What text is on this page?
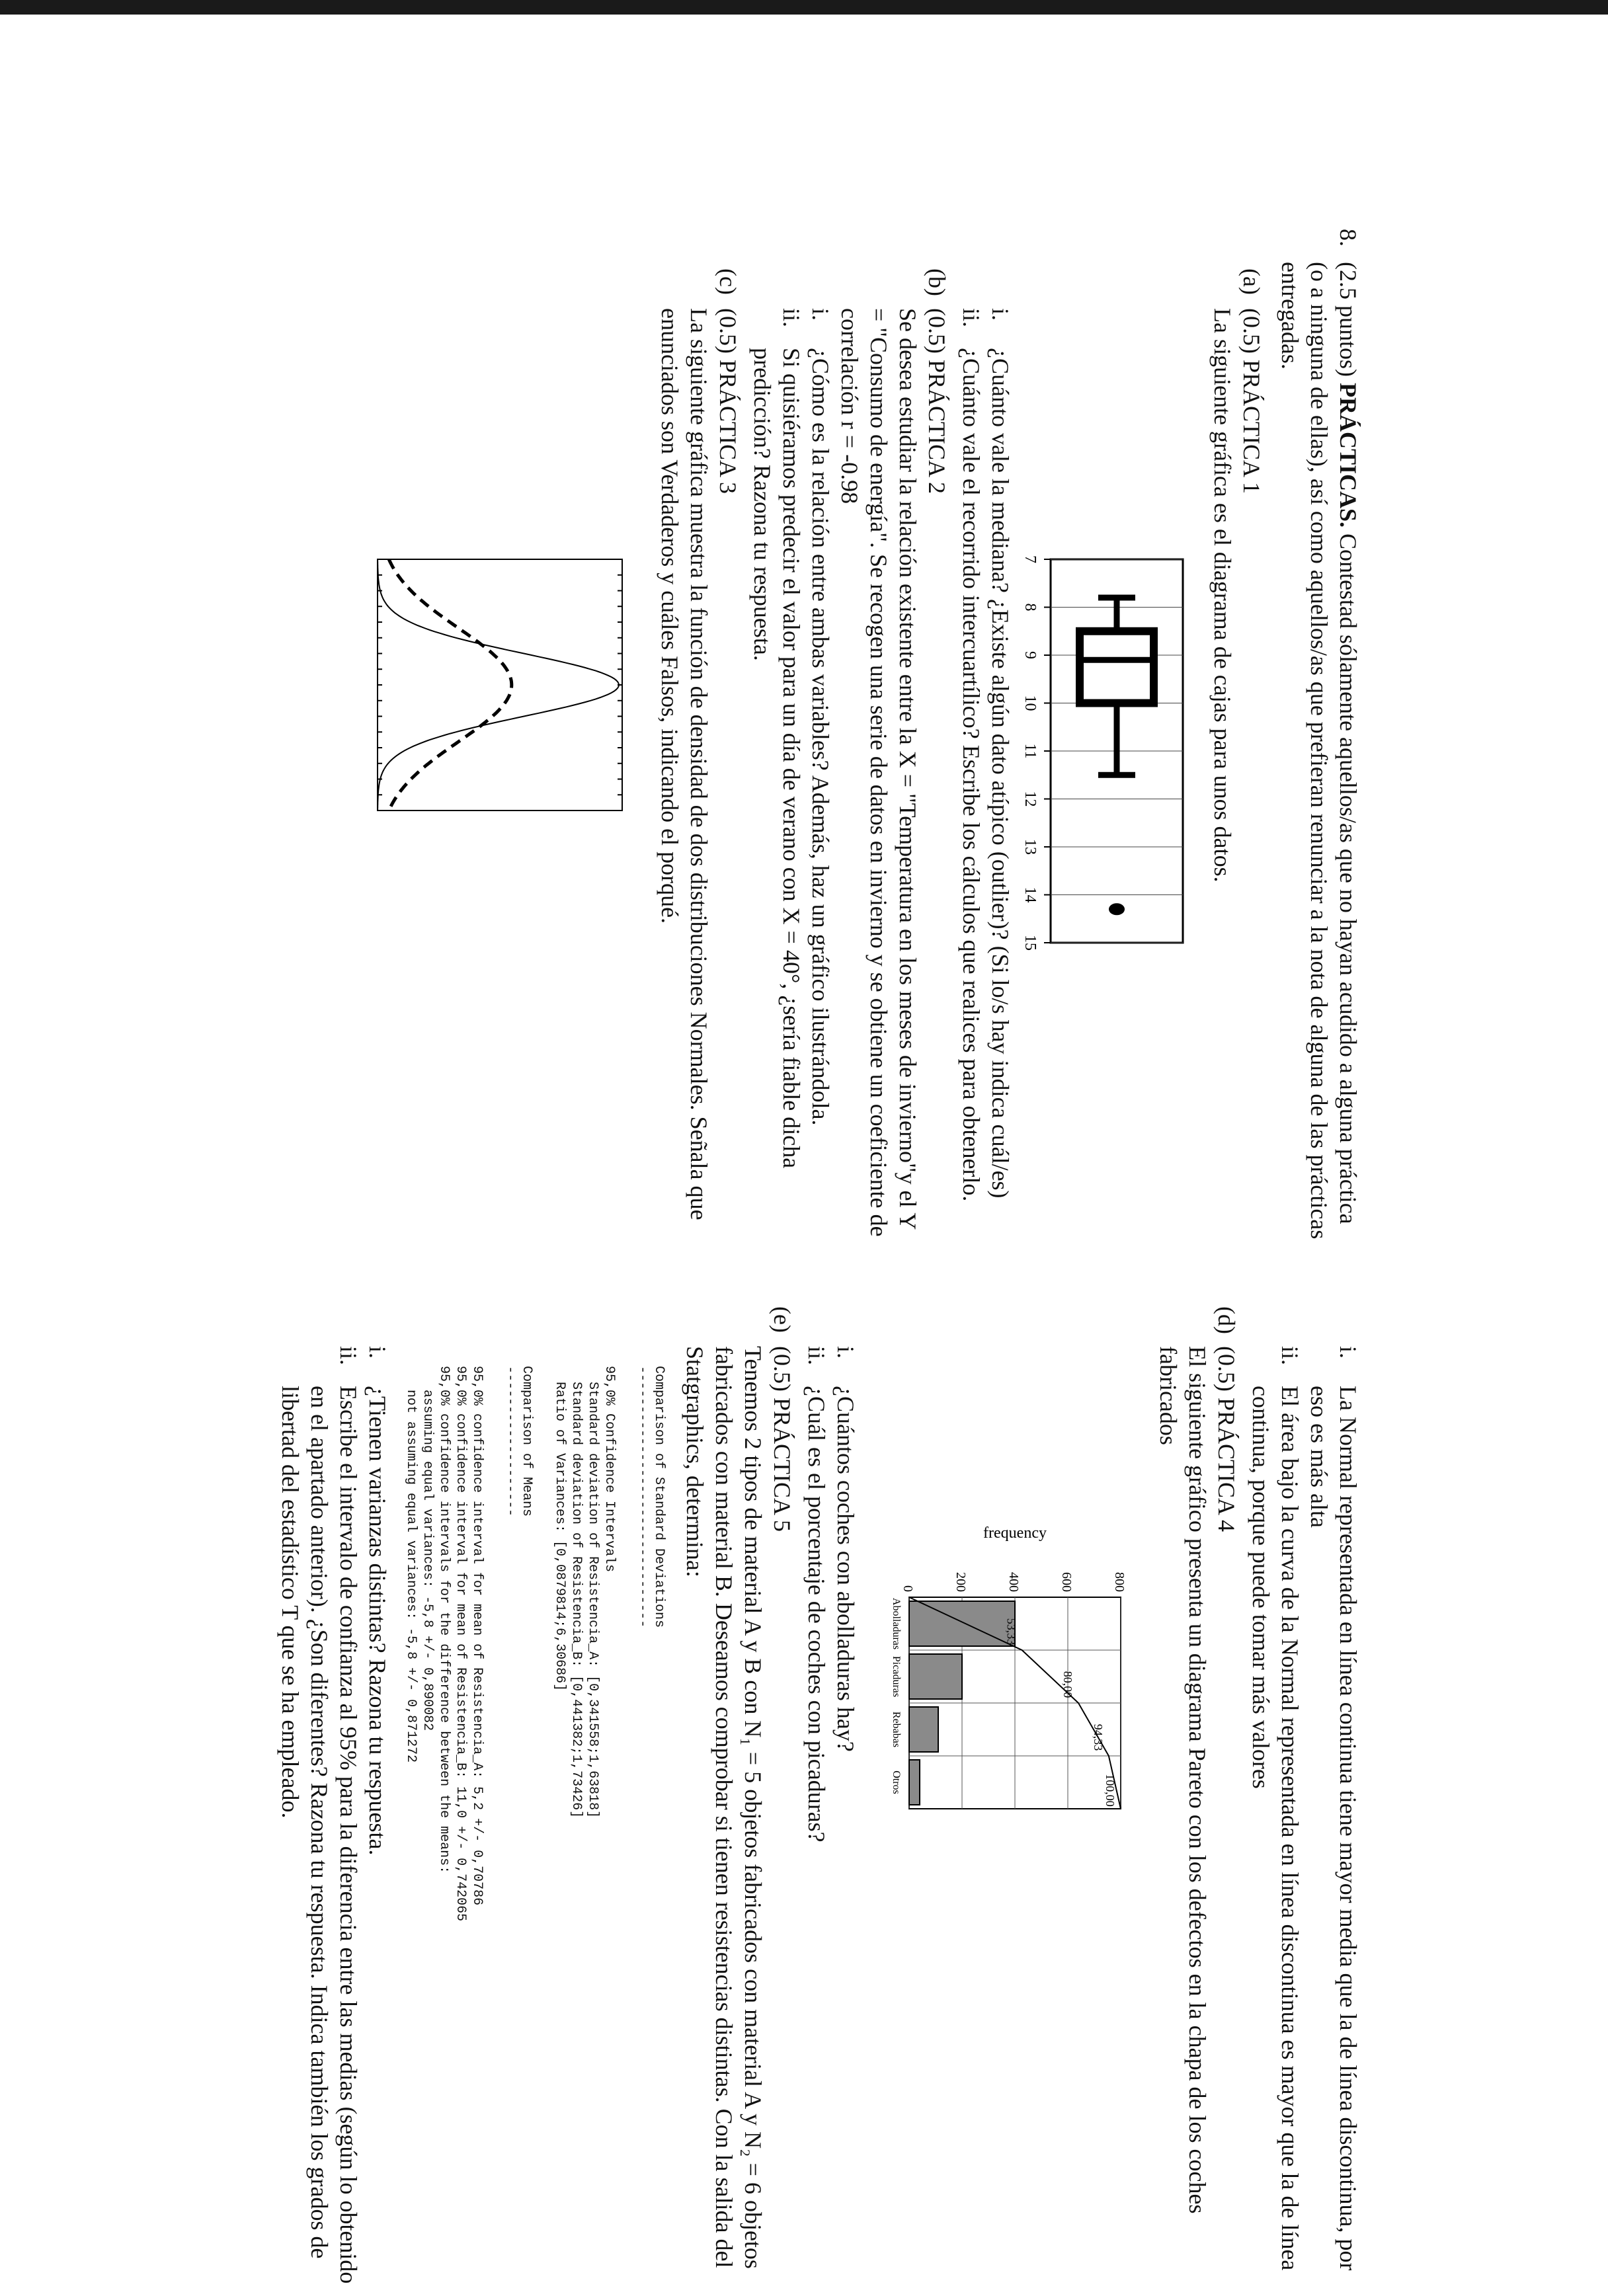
8.

(2.5 puntos) PRÁCTICAS. Contestad sólamente aquellos/as que no hayan acudido a alguna práctica (o a ninguna de ellas), así como aquellos/as que prefieran renunciar a la nota de alguna de las prácticas entregadas.

(a)
(0.5) PRÁCTICA 1

La siguiente gráfica es el diagrama de cajas para unos datos.

7
8
9
10
11
12
13
14
15
i.

¿Cuánto vale la mediana? ¿Existe algún dato atípico (outlier)? (Si lo/s hay indica cuál/es)

ii.

¿Cuánto vale el recorrido intercuartílico? Escribe los cálculos que realices para obtenerlo.

(b)
(0.5) PRÁCTICA 2

Se desea estudiar la relación existente entre la X = "Temperatura en los meses de invierno"y el Y = "Consumo de energía". Se recogen una serie de datos en invierno y se obtiene un coeficiente de correlación r = -0.98

i.

¿Cómo es la relación entre ambas variables? Además, haz un gráfico ilustrándola.

ii.

Si quisiéramos predecir el valor para un día de verano con X = 40°, ¿sería fiable dicha predicción? Razona tu respuesta.

(c)
(0.5) PRÁCTICA 3

La siguiente gráfica muestra la función de densidad de dos distribuciones Normales. Señala que enunciados son Verdaderos y cuáles Falsos, indicando el porqué.

i.

La Normal representada en línea continua tiene mayor media que la de línea discontinua, por eso es más alta

ii.

El área bajo la curva de la Normal representada en línea discontinua es mayor que la de línea continua, porque puede tomar más valores

(d)
(0.5) PRÁCTICA 4

El siguiente gráfico presenta un diagrama Pareto con los defectos en la chapa de los coches fabricados

frequency
0	200	400	600	800
Abolladuras
Picaduras
Rebabas
Otros
53,33
80,00
94,33
100,00
i.

¿Cuántos coches con abolladuras hay?

ii.

¿Cuál es el porcentaje de coches con picaduras?

(e)
(0.5) PRÁCTICA 5

Tenemos 2 tipos de material A y B con N₁ = 5 objetos fabricados con material A y N₂ = 6 objetos fabricados con material B. Deseamos comprobar si tienen resistencias distintas. Con la salida del Statgraphics, determina:

Comparison of Standard Deviations
---------------------------------
95,0% Confidence Intervals
Standard deviation of Resistencia_A: [0,341558;1,63818]
Standard deviation of Resistencia_B: [0,441382;1,73426]
Ratio of Variances: [0,0879814;6,30686]
Comparison of Means
-------------------
95,0% confidence interval for mean of Resistencia_A: 5,2 +/- 0,70786
95,0% confidence interval for mean of Resistencia_B: 11,0 +/- 0,742065
95,0% confidence intervals for the difference between the means:
assuming equal variances: -5,8 +/- 0,890082
not assuming equal variances: -5,8 +/- 0,871272
i.

¿Tienen varianzas distintas? Razona tu respuesta.

ii.

Escribe el intervalo de confianza al 95% para la diferencia entre las medias (según lo obtenido en el apartado anterior). ¿Son diferentes? Razona tu respuesta. Indica también los grados de libertad del estadístico T que se ha empleado.
